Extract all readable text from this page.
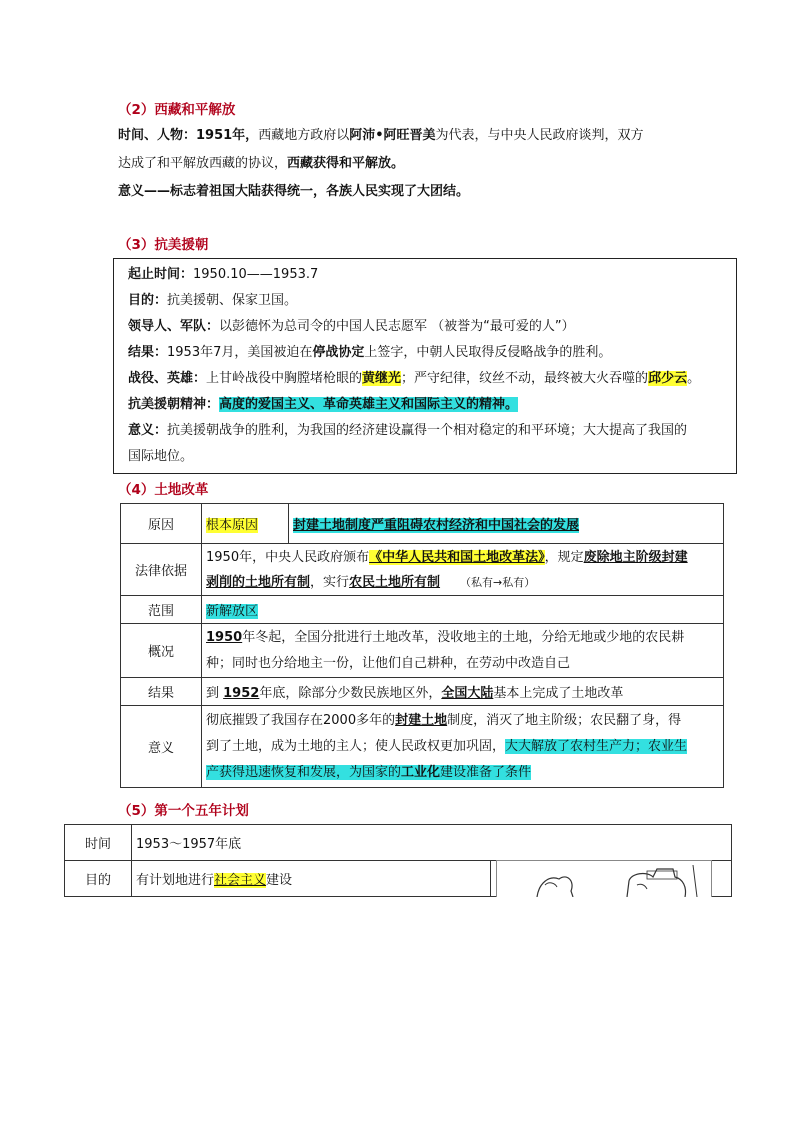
（2）西藏和平解放
时间、人物：1951年，西藏地方政府以阿沛•阿旺晋美为代表，与中央人民政府谈判，双方
达成了和平解放西藏的协议，西藏获得和平解放。
意义——标志着祖国大陆获得统一，各族人民实现了大团结。
（3）抗美援朝
起止时间：1950.10——1953.7
目的：抗美援朝、保家卫国。
领导人、军队：以彭德怀为总司令的中国人民志愿军 （被誉为“最可爱的人”）
结果：1953年7月，美国被迫在停战协定上签字，中朝人民取得反侵略战争的胜利。
战役、英雄：上甘岭战役中胸膛堵枪眼的黄继光；严守纪律，纹丝不动，最终被大火吞噬的邱少云。
抗美援朝精神：高度的爱国主义、革命英雄主义和国际主义的精神。
意义：抗美援朝战争的胜利，为我国的经济建设赢得一个相对稳定的和平环境；大大提高了我国的
国际地位。
（4）土地改革
原因	根本原因	封建土地制度严重阻碍农村经济和中国社会的发展
法律依据	1950年，中央人民政府颁布《中华人民共和国土地改革法》，规定废除地主阶级封建
剥削的土地所有制，实行农民土地所有制 （私有→私有）	
范围	新解放区	
概况	1950年冬起，全国分批进行土地改革，没收地主的土地，分给无地或少地的农民耕
种；同时也分给地主一份，让他们自己耕种，在劳动中改造自己	
结果	到 1952年底，除部分少数民族地区外，全国大陆基本上完成了土地改革	
意义	彻底摧毁了我国存在2000多年的封建土地制度，消灭了地主阶级；农民翻了身，得
到了土地，成为土地的主人；使人民政权更加巩固，大大解放了农村生产力；农业生
产获得迅速恢复和发展，为国家的工业化建设准备了条件	
（5）第一个五年计划
时间	1953～1957年底	
目的	有计划地进行社会主义建设	
